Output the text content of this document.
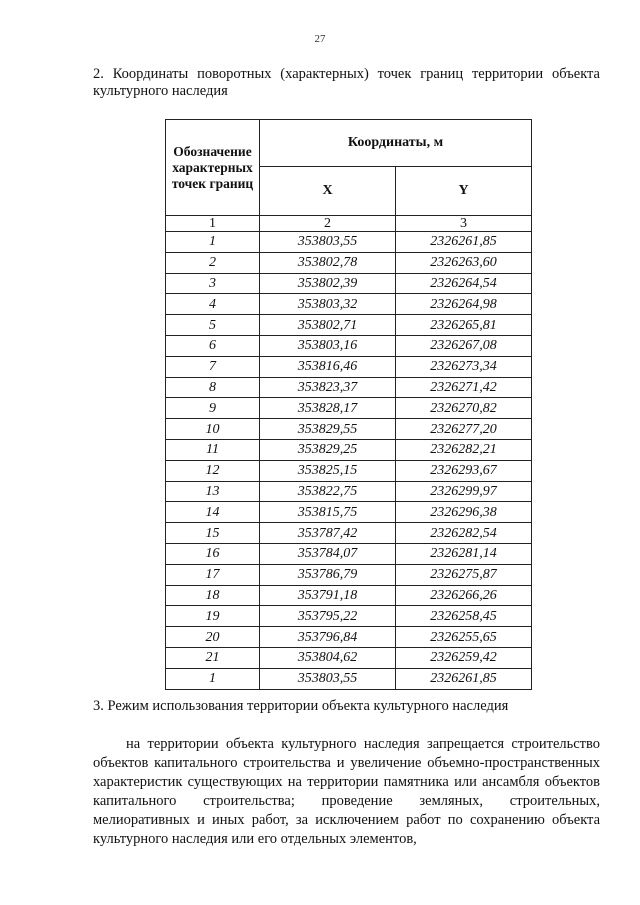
27
2. Координаты поворотных (характерных) точек границ территории объекта культурного наследия
Обозначение характерных точек границ	Координаты, м	
	X	Y
1	2	3
1	353803,55	2326261,85
2	353802,78	2326263,60
3	353802,39	2326264,54
4	353803,32	2326264,98
5	353802,71	2326265,81
6	353803,16	2326267,08
7	353816,46	2326273,34
8	353823,37	2326271,42
9	353828,17	2326270,82
10	353829,55	2326277,20
11	353829,25	2326282,21
12	353825,15	2326293,67
13	353822,75	2326299,97
14	353815,75	2326296,38
15	353787,42	2326282,54
16	353784,07	2326281,14
17	353786,79	2326275,87
18	353791,18	2326266,26
19	353795,22	2326258,45
20	353796,84	2326255,65
21	353804,62	2326259,42
1	353803,55	2326261,85
3. Режим использования территории объекта культурного наследия

на территории объекта культурного наследия запрещается строительство объектов капитального строительства и увеличение объемно-пространственных характеристик существующих на территории памятника или ансамбля объектов капитального строительства; проведение земляных, строительных, мелиоративных и иных работ, за исключением работ по сохранению объекта культурного наследия или его отдельных элементов,
